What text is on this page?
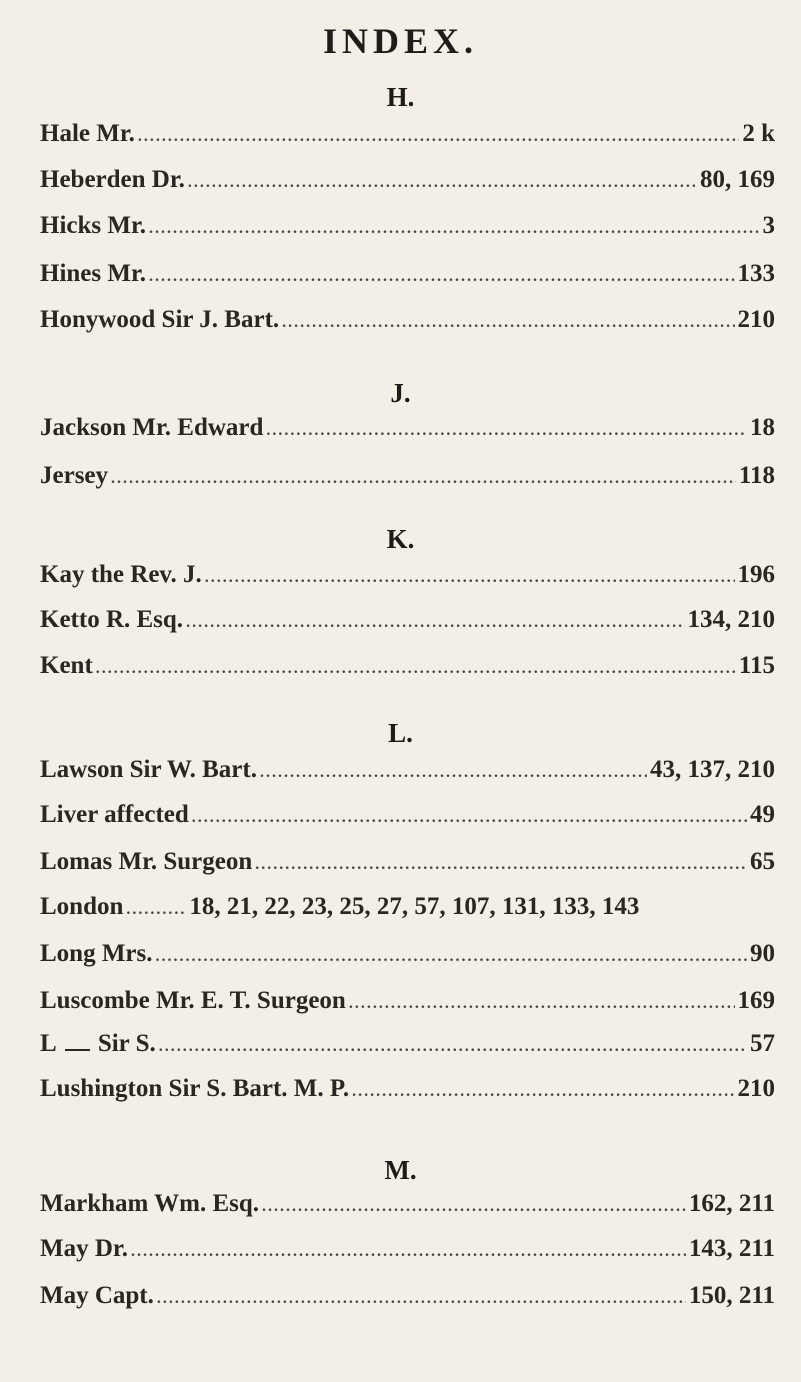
INDEX.
H.
Hale Mr. .....	2 k
Heberden Dr. .....	80, 169
Hicks Mr. .....	3
Hines Mr. .....	133
Honywood Sir J. Bart. .....	210
J.
Jackson Mr. Edward .....	18
Jersey .....	118
K.
Kay the Rev. J. .....	196
Ketto R. Esq. .....	134, 210
Kent .....	115
L.
Lawson Sir W. Bart. .....	43, 137, 210
Liver affected .....	49
Lomas Mr. Surgeon .....	65
London .....	18, 21, 22, 23, 25, 27, 57, 107, 131, 133, 143
Long Mrs. .....	90
Luscombe Mr. E. T. Surgeon .....	169
L Sir S. .....	57
Lushington Sir S. Bart. M. P. .....	210
M.
Markham Wm. Esq. .....	162, 211
May Dr. .....	143, 211
May Capt. .....	150, 211
